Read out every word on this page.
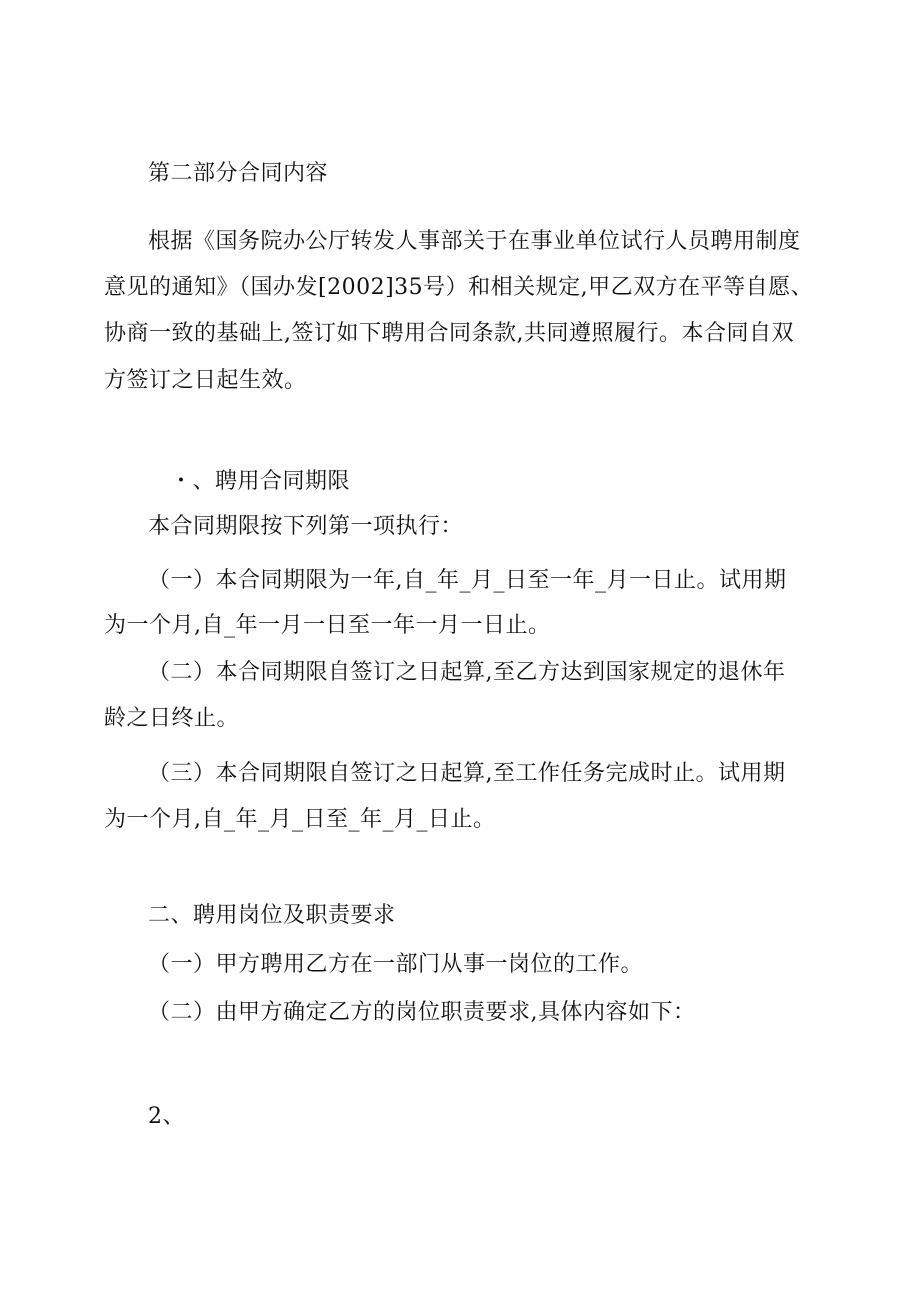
第二部分合同内容
根据《国务院办公厅转发人事部关于在事业单位试行人员聘用制度
意见的通知》（国办发[2002]35号）和相关规定,甲乙双方在平等自愿、
协商一致的基础上,签订如下聘用合同条款,共同遵照履行。本合同自双
方签订之日起生效。
・、聘用合同期限
本合同期限按下列第一项执行：
（一）本合同期限为一年,自_年_月_日至一年_月一日止。试用期
为一个月,自_年一月一日至一年一月一日止。
（二）本合同期限自签订之日起算,至乙方达到国家规定的退休年
龄之日终止。
（三）本合同期限自签订之日起算,至工作任务完成时止。试用期
为一个月,自_年_月_日至_年_月_日止。
二、聘用岗位及职责要求
（一）甲方聘用乙方在一部门从事一岗位的工作。
（二）由甲方确定乙方的岗位职责要求,具体内容如下：
2、
